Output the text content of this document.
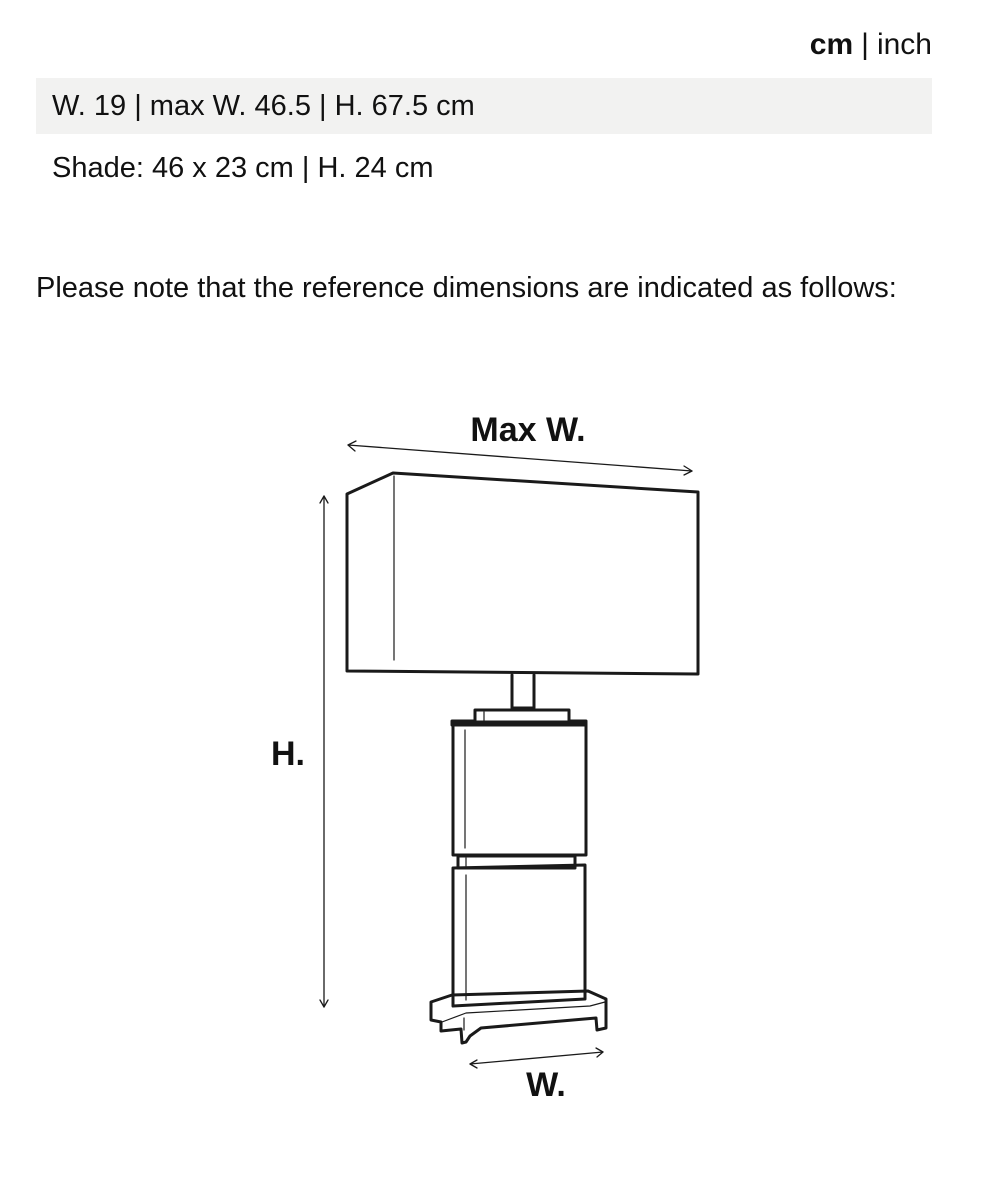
cm | inch
W. 19 | max W. 46.5 | H. 67.5 cm
Shade: 46 x 23 cm | H. 24 cm
Please note that the reference dimensions are indicated as follows:
Max W.
H.
W.
